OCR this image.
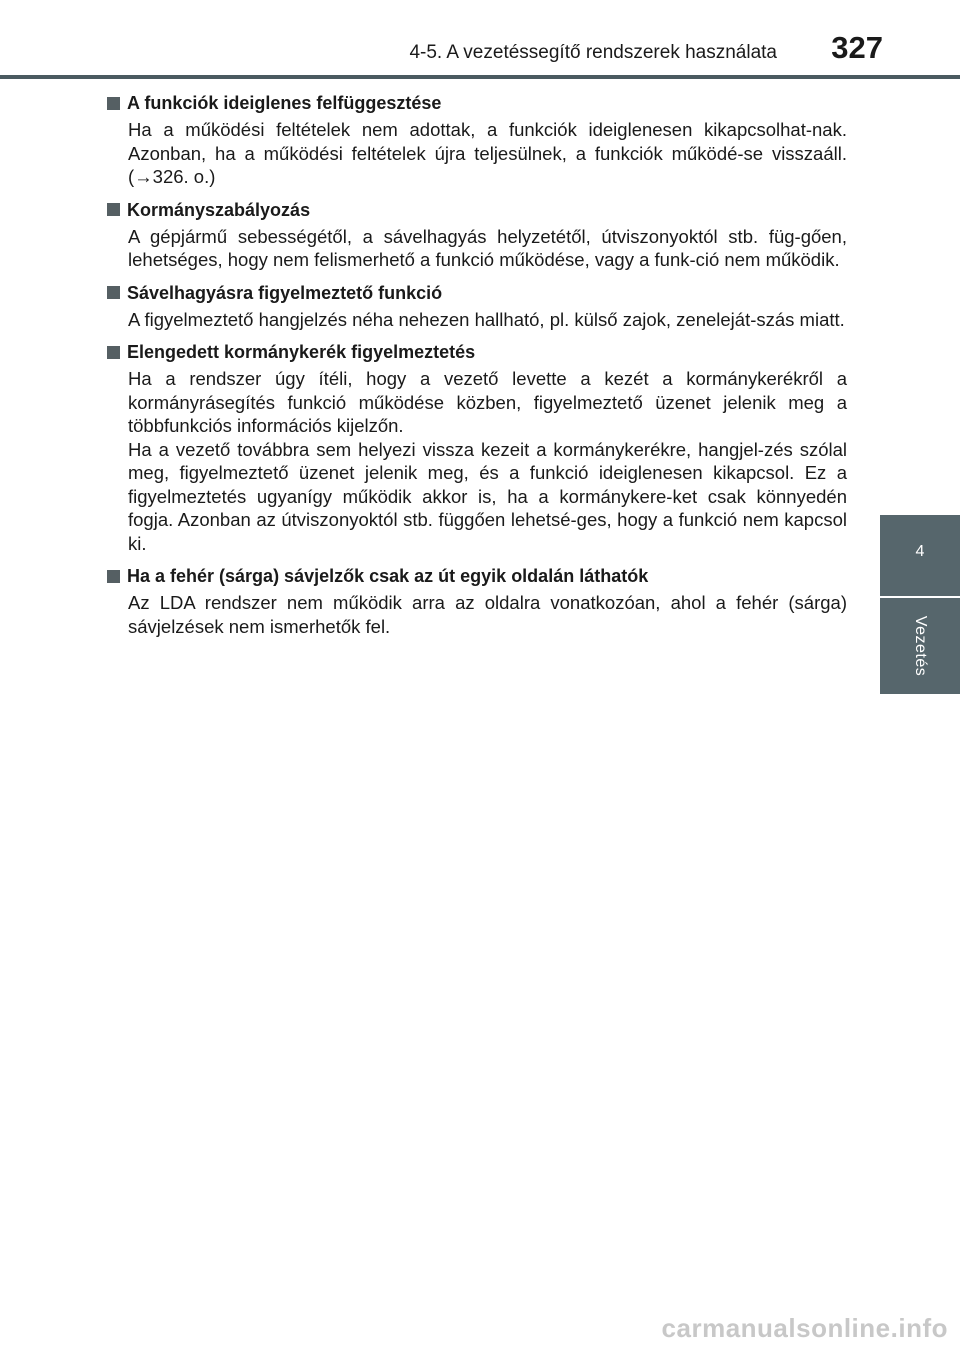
4-5. A vezetéssegítő rendszerek használata 327
4
Vezetés
A funkciók ideiglenes felfüggesztése

Ha a működési feltételek nem adottak, a funkciók ideiglenesen kikapcsolhat-nak. Azonban, ha a működési feltételek újra teljesülnek, a funkciók működé-se visszaáll. (→326. o.)

Kormányszabályozás

A gépjármű sebességétől, a sávelhagyás helyzetétől, útviszonyoktól stb. füg-gően, lehetséges, hogy nem felismerhető a funkció működése, vagy a funk-ció nem működik.

Sávelhagyásra figyelmeztető funkció

A figyelmeztető hangjelzés néha nehezen hallható, pl. külső zajok, zeneleját-szás miatt.

Elengedett kormánykerék figyelmeztetés

Ha a rendszer úgy ítéli, hogy a vezető levette a kezét a kormánykerékről a kormányrásegítés funkció működése közben, figyelmeztető üzenet jelenik meg a többfunkciós információs kijelzőn.

Ha a vezető továbbra sem helyezi vissza kezeit a kormánykerékre, hangjel-zés szólal meg, figyelmeztető üzenet jelenik meg, és a funkció ideiglenesen kikapcsol. Ez a figyelmeztetés ugyanígy működik akkor is, ha a kormánykere-ket csak könnyedén fogja. Azonban az útviszonyoktól stb. függően lehetsé-ges, hogy a funkció nem kapcsol ki.

Ha a fehér (sárga) sávjelzők csak az út egyik oldalán láthatók

Az LDA rendszer nem működik arra az oldalra vonatkozóan, ahol a fehér (sárga) sávjelzések nem ismerhetők fel.

carmanualsonline.info
